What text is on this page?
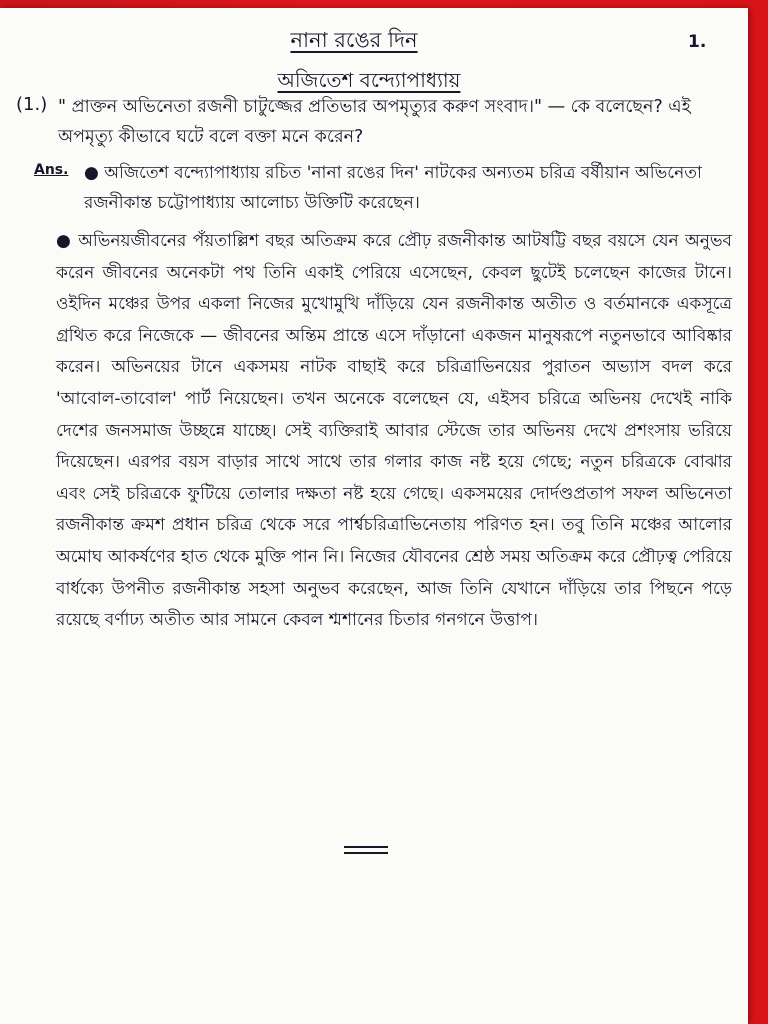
1.
নানা রঙের দিন
অজিতেশ বন্দ্যোপাধ্যায়
(1.) " প্রাক্তন অভিনেতা রজনী চাটুজ্জের প্রতিভার অপমৃত্যুর করুণ সংবাদ।" — কে বলেছেন? এই অপমৃত্যু কীভাবে ঘটে বলে বক্তা মনে করেন?
Ans. ● অজিতেশ বন্দ্যোপাধ্যায় রচিত 'নানা রঙের দিন' নাটকের অন্যতম চরিত্র বর্ষীয়ান অভিনেতা রজনীকান্ত চট্টোপাধ্যায় আলোচ্য উক্তিটি করেছেন।

● অভিনয়জীবনের পঁয়তাল্লিশ বছর অতিক্রম করে প্রৌঢ় রজনীকান্ত আটষট্টি বছর বয়সে যেন অনুভব করেন জীবনের অনেকটা পথ তিনি একাই পেরিয়ে এসেছেন, কেবল ছুটেই চলেছেন কাজের টানে। ওইদিন মঞ্চের উপর একলা নিজের মুখোমুখি দাঁড়িয়ে যেন রজনীকান্ত অতীত ও বর্তমানকে একসূত্রে গ্রথিত করে নিজেকে — জীবনের অন্তিম প্রান্তে এসে দাঁড়ানো একজন মানুষরূপে নতুনভাবে আবিষ্কার করেন। অভিনয়ের টানে একসময় নাটক বাছাই করে চরিত্রাভিনয়ের পুরাতন অভ্যাস বদল করে 'আবোল-তাবোল' পার্ট নিয়েছেন। তখন অনেকে বলেছেন যে, এইসব চরিত্রে অভিনয় দেখেই নাকি দেশের জনসমাজ উচ্ছন্নে যাচ্ছে। সেই ব্যক্তিরাই আবার স্টেজে তার অভিনয় দেখে প্রশংসায় ভরিয়ে দিয়েছেন। এরপর বয়স বাড়ার সাথে সাথে তার গলার কাজ নষ্ট হয়ে গেছে; নতুন চরিত্রকে বোঝার এবং সেই চরিত্রকে ফুটিয়ে তোলার দক্ষতা নষ্ট হয়ে গেছে। একসময়ের দোর্দণ্ডপ্রতাপ সফল অভিনেতা রজনীকান্ত ক্রমশ প্রধান চরিত্র থেকে সরে পার্শ্বচরিত্রাভিনেতায় পরিণত হন। তবু তিনি মঞ্চের আলোর অমোঘ আকর্ষণের হাত থেকে মুক্তি পান নি। নিজের যৌবনের শ্রেষ্ঠ সময় অতিক্রম করে প্রৌঢ়ত্ব পেরিয়ে বার্ধক্যে উপনীত রজনীকান্ত সহসা অনুভব করেছেন, আজ তিনি যেখানে দাঁড়িয়ে তার পিছনে পড়ে রয়েছে বর্ণাঢ্য অতীত আর সামনে কেবল শ্মশানের চিতার গনগনে উত্তাপ।
